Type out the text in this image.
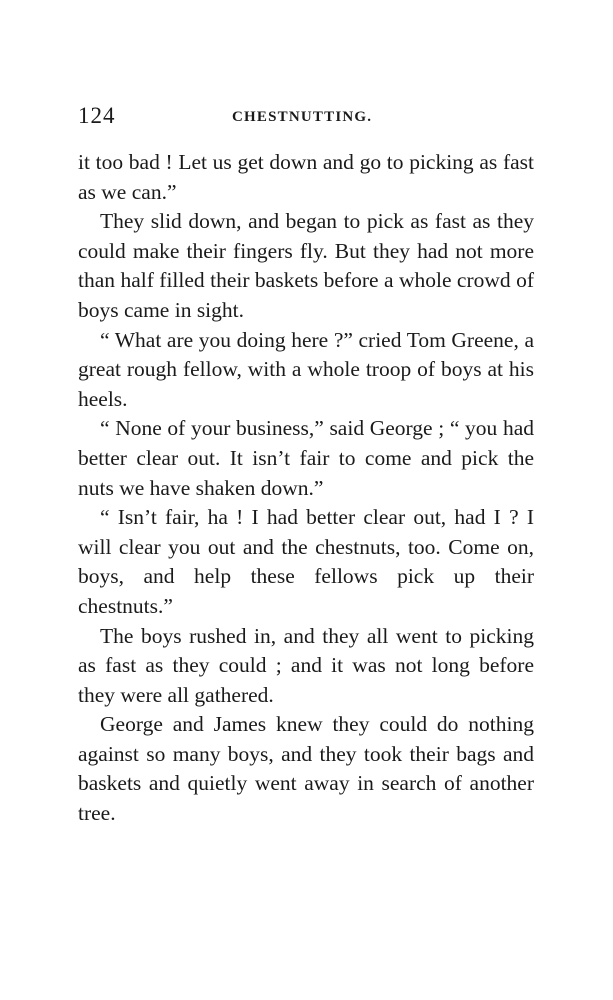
124	CHESTNUTTING.

it too bad ! Let us get down and go to picking as fast as we can.”

They slid down, and began to pick as fast as they could make their fingers fly. But they had not more than half filled their baskets before a whole crowd of boys came in sight.

“ What are you doing here ?” cried Tom Greene, a great rough fellow, with a whole troop of boys at his heels.

“ None of your business,” said George ; “ you had better clear out. It isn’t fair to come and pick the nuts we have shaken down.”

“ Isn’t fair, ha ! I had better clear out, had I ? I will clear you out and the chestnuts, too. Come on, boys, and help these fellows pick up their chestnuts.”

The boys rushed in, and they all went to picking as fast as they could ; and it was not long before they were all gathered.

George and James knew they could do nothing against so many boys, and they took their bags and baskets and quietly went away in search of another tree.
